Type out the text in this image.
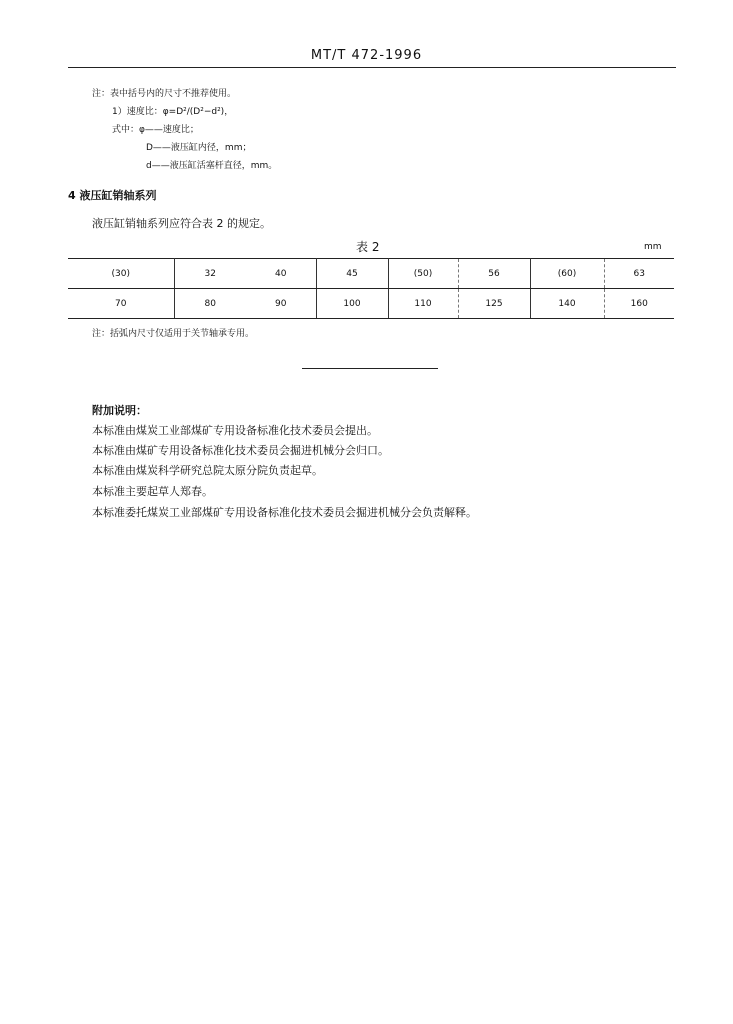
MT/T 472-1996
注：表中括号内的尺寸不推荐使用。
1）速度比：φ=D²/(D²−d²)，
式中：φ——速度比；
D——液压缸内径，mm；
d——液压缸活塞杆直径，mm。
4 液压缸销轴系列
液压缸销轴系列应符合表 2 的规定。
表 2	mm
(30)	32	40	45	(50)	56	(60)	63
70	80	90	100	110	125	140	160
注：括弧内尺寸仅适用于关节轴承专用。
附加说明：
本标准由煤炭工业部煤矿专用设备标准化技术委员会提出。
本标准由煤矿专用设备标准化技术委员会掘进机械分会归口。
本标准由煤炭科学研究总院太原分院负责起草。
本标准主要起草人郑春。
本标准委托煤炭工业部煤矿专用设备标准化技术委员会掘进机械分会负责解释。
